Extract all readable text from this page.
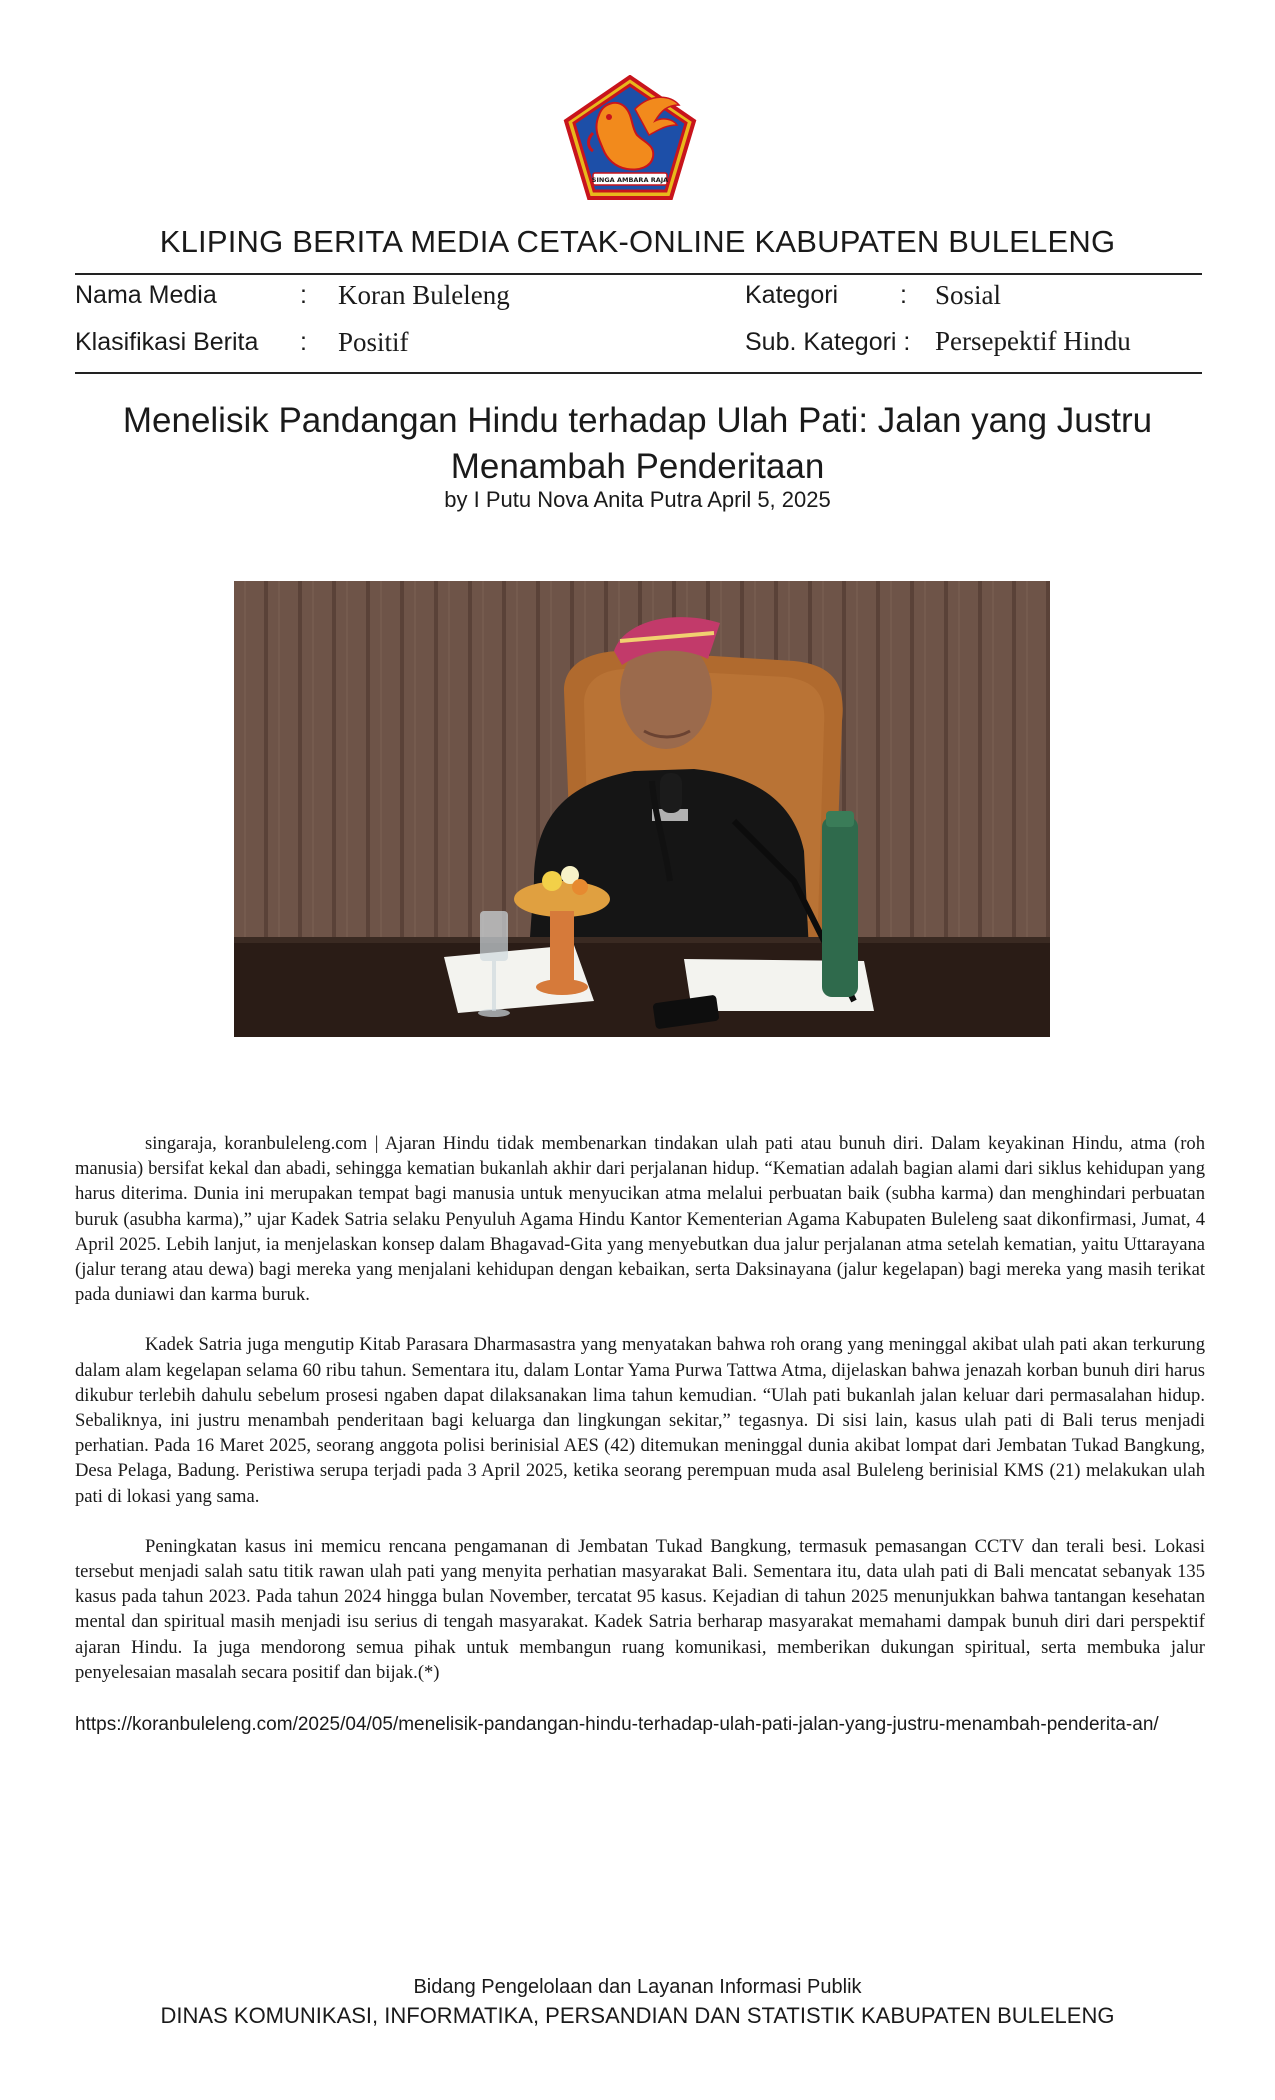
SINGA AMBARA RAJA
KLIPING BERITA MEDIA CETAK-ONLINE KABUPATEN BULELENG
Nama Media	: Koran Buleleng
Klasifikasi Berita : Positif
Kategori : Sosial
Sub. Kategori : Persepektif Hindu
Menelisik Pandangan Hindu terhadap Ulah Pati: Jalan yang Justru Menambah Penderitaan
by I Putu Nova Anita Putra April 5, 2025

singaraja, koranbuleleng.com | Ajaran Hindu tidak membenarkan tindakan ulah pati atau bunuh diri. Dalam keyakinan Hindu, atma (roh manusia) bersifat kekal dan abadi, sehingga kematian bukanlah akhir dari perjalanan hidup. “Kematian adalah bagian alami dari siklus kehidupan yang harus diterima. Dunia ini merupakan tempat bagi manusia untuk menyucikan atma melalui perbuatan baik (subha karma) dan menghindari perbuatan buruk (asubha karma),” ujar Kadek Satria selaku Penyuluh Agama Hindu Kantor Kementerian Agama Kabupaten Buleleng saat dikonfirmasi, Jumat, 4 April 2025. Lebih lanjut, ia menjelaskan konsep dalam Bhagavad-Gita yang menyebutkan dua jalur perjalanan atma setelah kematian, yaitu Uttarayana (jalur terang atau dewa) bagi mereka yang menjalani kehidupan dengan kebaikan, serta Daksinayana (jalur kegelapan) bagi mereka yang masih terikat pada duniawi dan karma buruk.

Kadek Satria juga mengutip Kitab Parasara Dharmasastra yang menyatakan bahwa roh orang yang meninggal akibat ulah pati akan terkurung dalam alam kegelapan selama 60 ribu tahun. Sementara itu, dalam Lontar Yama Purwa Tattwa Atma, dijelaskan bahwa jenazah korban bunuh diri harus dikubur terlebih dahulu sebelum prosesi ngaben dapat dilaksanakan lima tahun kemudian. “Ulah pati bukanlah jalan keluar dari permasalahan hidup. Sebaliknya, ini justru menambah penderitaan bagi keluarga dan lingkungan sekitar,” tegasnya. Di sisi lain, kasus ulah pati di Bali terus menjadi perhatian. Pada 16 Maret 2025, seorang anggota polisi berinisial AES (42) ditemukan meninggal dunia akibat lompat dari Jembatan Tukad Bangkung, Desa Pelaga, Badung. Peristiwa serupa terjadi pada 3 April 2025, ketika seorang perempuan muda asal Buleleng berinisial KMS (21) melakukan ulah pati di lokasi yang sama.

Peningkatan kasus ini memicu rencana pengamanan di Jembatan Tukad Bangkung, termasuk pemasangan CCTV dan terali besi. Lokasi tersebut menjadi salah satu titik rawan ulah pati yang menyita perhatian masyarakat Bali. Sementara itu, data ulah pati di Bali mencatat sebanyak 135 kasus pada tahun 2023. Pada tahun 2024 hingga bulan November, tercatat 95 kasus. Kejadian di tahun 2025 menunjukkan bahwa tantangan kesehatan mental dan spiritual masih menjadi isu serius di tengah masyarakat. Kadek Satria berharap masyarakat memahami dampak bunuh diri dari perspektif ajaran Hindu. Ia juga mendorong semua pihak untuk membangun ruang komunikasi, memberikan dukungan spiritual, serta membuka jalur penyelesaian masalah secara positif dan bijak.(*)

https://koranbuleleng.com/2025/04/05/menelisik-pandangan-hindu-terhadap-ulah-pati-jalan-yang-justru-menambah-penderita-an/
Bidang Pengelolaan dan Layanan Informasi Publik
DINAS KOMUNIKASI, INFORMATIKA, PERSANDIAN DAN STATISTIK KABUPATEN BULELENG
